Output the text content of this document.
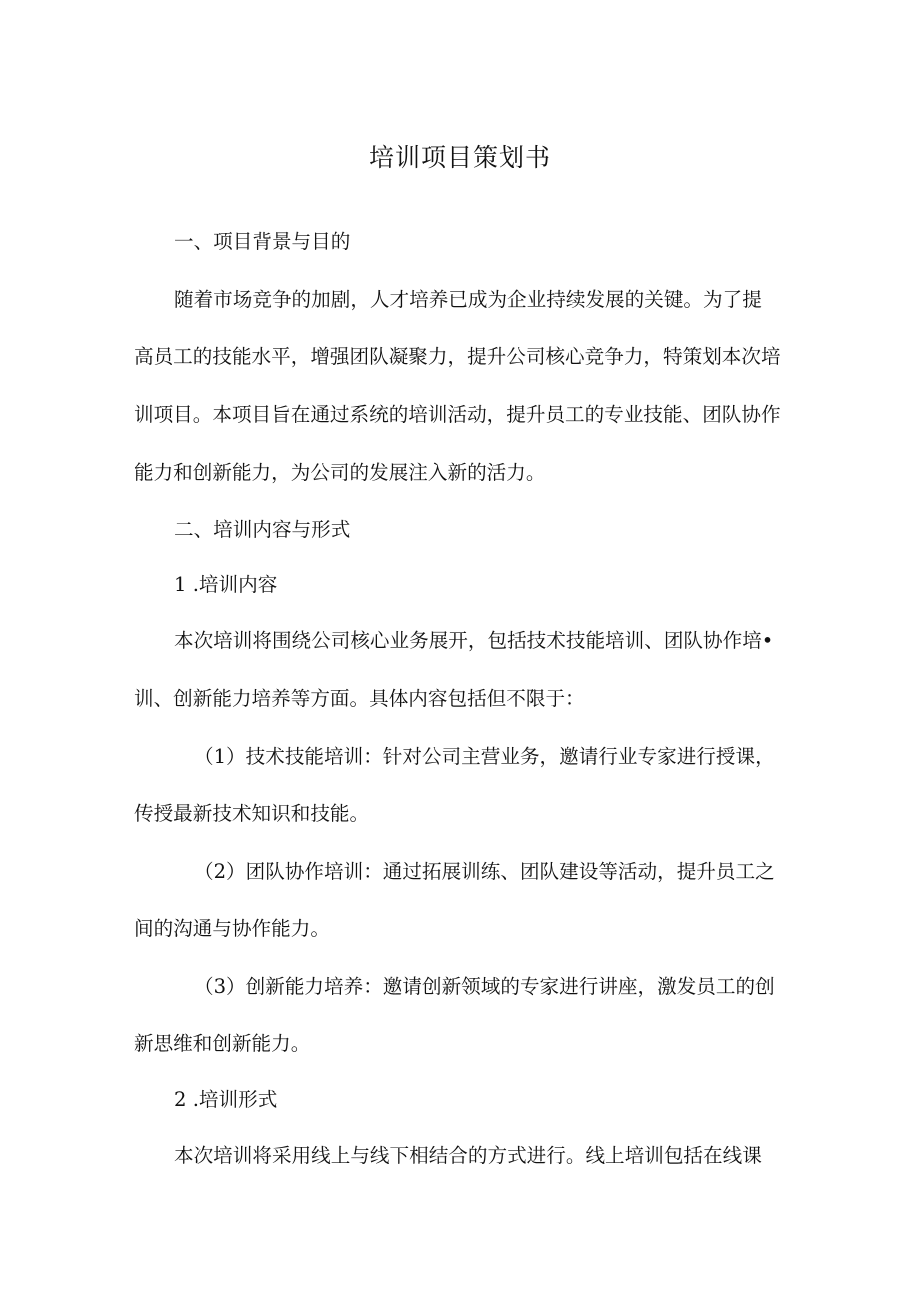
培训项目策划书
一、项目背景与目的
随着市场竞争的加剧，人才培养已成为企业持续发展的关键。为了提
高员工的技能水平，增强团队凝聚力，提升公司核心竞争力，特策划本次培
训项目。本项目旨在通过系统的培训活动，提升员工的专业技能、团队协作
能力和创新能力，为公司的发展注入新的活力。
二、培训内容与形式
1 .培训内容
本次培训将围绕公司核心业务展开，包括技术技能培训、团队协作培•
训、创新能力培养等方面。具体内容包括但不限于：
（1）技术技能培训：针对公司主营业务，邀请行业专家进行授课，
传授最新技术知识和技能。
（2）团队协作培训：通过拓展训练、团队建设等活动，提升员工之
间的沟通与协作能力。
（3）创新能力培养：邀请创新领域的专家进行讲座，激发员工的创
新思维和创新能力。
2 .培训形式
本次培训将采用线上与线下相结合的方式进行。线上培训包括在线课
